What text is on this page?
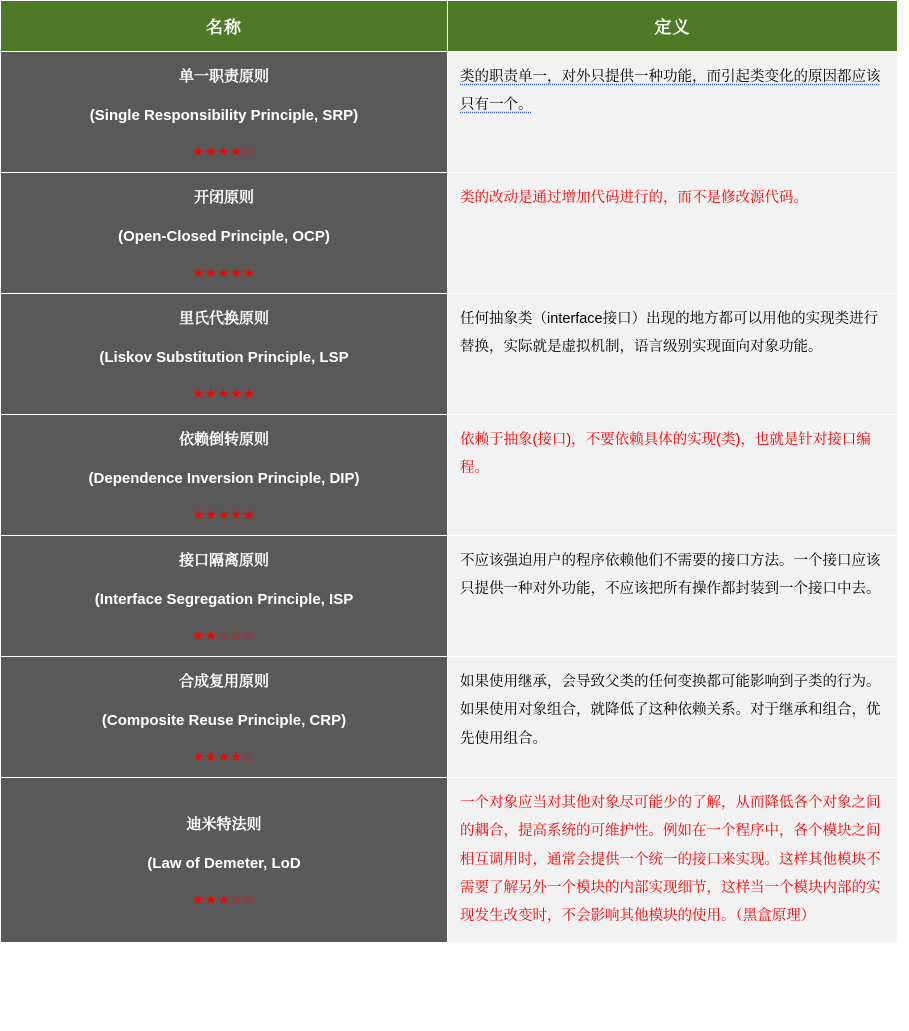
名称	定义

单一职责原则
(Single Responsibility Principle, SRP)
★★★★☆	类的职责单一，对外只提供一种功能，而引起类变化的原因都应该只有一个。

开闭原则
(Open-Closed Principle, OCP)
★★★★★	类的改动是通过增加代码进行的，而不是修改源代码。

里氏代换原则
(Liskov Substitution Principle, LSP
★★★★★	任何抽象类（interface接口）出现的地方都可以用他的实现类进行替换，实际就是虚拟机制，语言级别实现面向对象功能。

依赖倒转原则
(Dependence Inversion Principle, DIP)
★★★★★	依赖于抽象(接口)，不要依赖具体的实现(类)，也就是针对接口编程。

接口隔离原则
(Interface Segregation Principle, ISP
★★☆☆☆	不应该强迫用户的程序依赖他们不需要的接口方法。一个接口应该只提供一种对外功能，不应该把所有操作都封装到一个接口中去。

合成复用原则
(Composite Reuse Principle, CRP)
★★★★☆	如果使用继承，会导致父类的任何变换都可能影响到子类的行为。如果使用对象组合，就降低了这种依赖关系。对于继承和组合，优先使用组合。

迪米特法则
(Law of Demeter, LoD
★★★☆☆	一个对象应当对其他对象尽可能少的了解，从而降低各个对象之间的耦合，提高系统的可维护性。例如在一个程序中，各个模块之间相互调用时，通常会提供一个统一的接口来实现。这样其他模块不需要了解另外一个模块的内部实现细节，这样当一个模块内部的实现发生改变时，不会影响其他模块的使用。（黑盒原理）
